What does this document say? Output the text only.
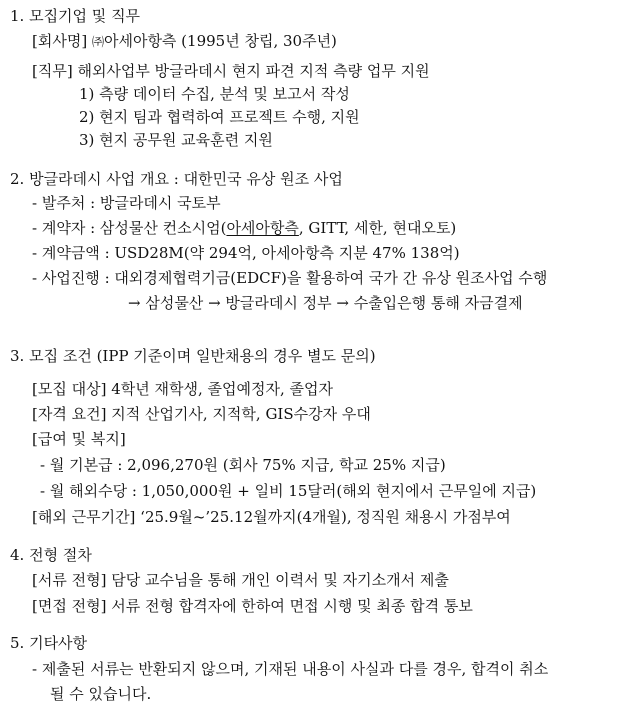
1. 모집기업 및 직무
[회사명] ㈜아세아항측 (1995년 창립, 30주년)
[직무] 해외사업부 방글라데시 현지 파견 지적 측량 업무 지원
1) 측량 데이터 수집, 분석 및 보고서 작성
2) 현지 팀과 협력하여 프로젝트 수행, 지원
3) 현지 공무원 교육훈련 지원
2. 방글라데시 사업 개요 : 대한민국 유상 원조 사업
- 발주처 : 방글라데시 국토부
- 계약자 : 삼성물산 컨소시엄(아세아항측, GITT, 세한, 현대오토)
- 계약금액 : USD28M(약 294억, 아세아항측 지분 47% 138억)
- 사업진행 : 대외경제협력기금(EDCF)을 활용하여 국가 간 유상 원조사업 수행
→ 삼성물산 → 방글라데시 정부 → 수출입은행 통해 자금결제
3. 모집 조건 (IPP 기준이며 일반채용의 경우 별도 문의)
[모집 대상] 4학년 재학생, 졸업예정자, 졸업자
[자격 요건] 지적 산업기사, 지적학, GIS수강자 우대
[급여 및 복지]
- 월 기본급 : 2,096,270원 (회사 75% 지급, 학교 25% 지급)
- 월 해외수당 : 1,050,000원 + 일비 15달러(해외 현지에서 근무일에 지급)
[해외 근무기간] ‘25.9월~’25.12월까지(4개월), 정직원 채용시 가점부여
4. 전형 절차
[서류 전형] 담당 교수님을 통해 개인 이력서 및 자기소개서 제출
[면접 전형] 서류 전형 합격자에 한하여 면접 시행 및 최종 합격 통보
5. 기타사항
- 제출된 서류는 반환되지 않으며, 기재된 내용이 사실과 다를 경우, 합격이 취소
될 수 있습니다.
